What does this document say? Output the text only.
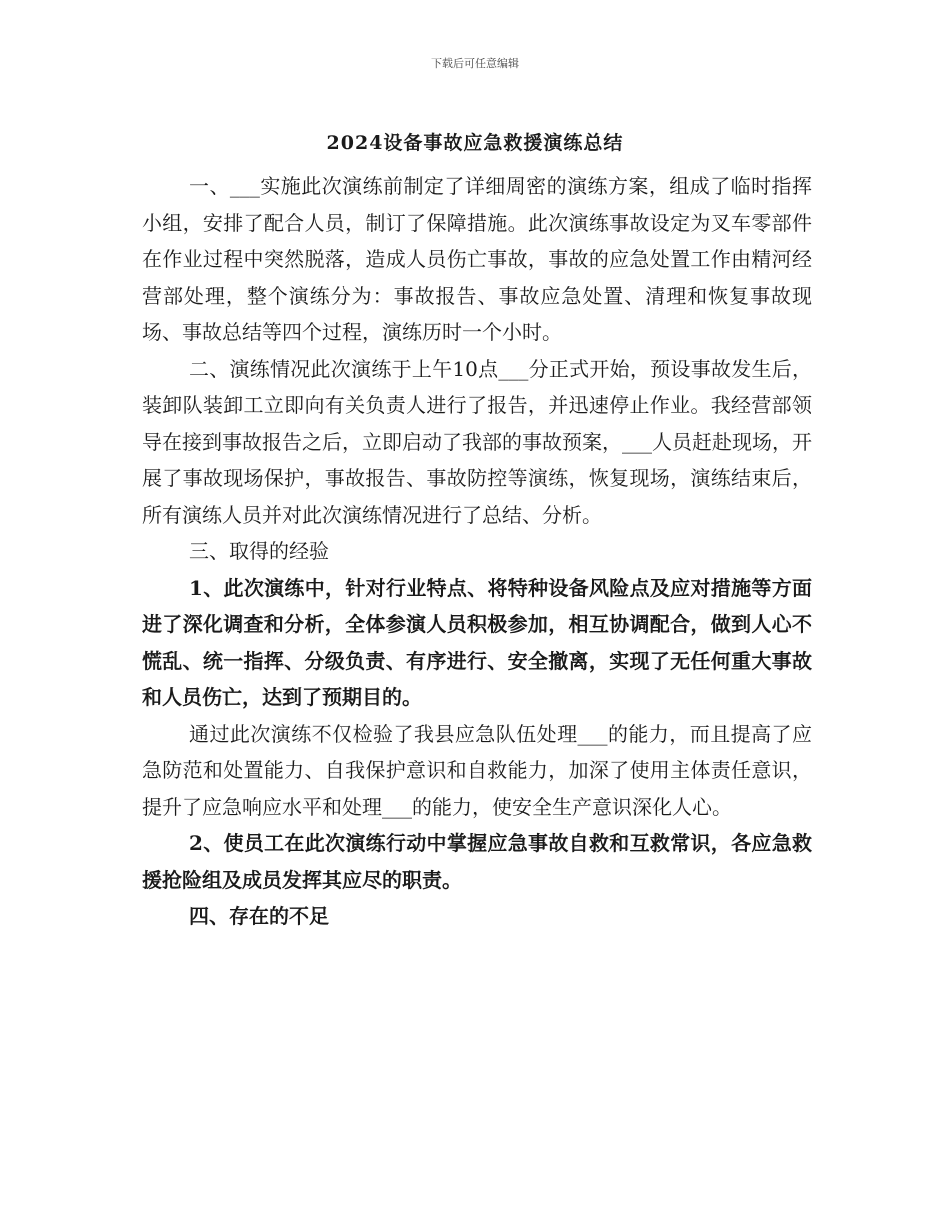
下载后可任意编辑
2024设备事故应急救援演练总结

一、___实施此次演练前制定了详细周密的演练方案，组成了临时指挥小组，安排了配合人员，制订了保障措施。此次演练事故设定为叉车零部件在作业过程中突然脱落，造成人员伤亡事故，事故的应急处置工作由精河经营部处理，整个演练分为：事故报告、事故应急处置、清理和恢复事故现场、事故总结等四个过程，演练历时一个小时。

二、演练情况此次演练于上午10点___分正式开始，预设事故发生后，装卸队装卸工立即向有关负责人进行了报告，并迅速停止作业。我经营部领导在接到事故报告之后，立即启动了我部的事故预案，___人员赶赴现场，开展了事故现场保护，事故报告、事故防控等演练，恢复现场，演练结束后，所有演练人员并对此次演练情况进行了总结、分析。

三、取得的经验

1、此次演练中，针对行业特点、将特种设备风险点及应对措施等方面进了深化调查和分析，全体参演人员积极参加，相互协调配合，做到人心不慌乱、统一指挥、分级负责、有序进行、安全撤离，实现了无任何重大事故和人员伤亡，达到了预期目的。

通过此次演练不仅检验了我县应急队伍处理___的能力，而且提高了应急防范和处置能力、自我保护意识和自救能力，加深了使用主体责任意识，提升了应急响应水平和处理___的能力，使安全生产意识深化人心。

2、使员工在此次演练行动中掌握应急事故自救和互救常识，各应急救援抢险组及成员发挥其应尽的职责。

四、存在的不足
